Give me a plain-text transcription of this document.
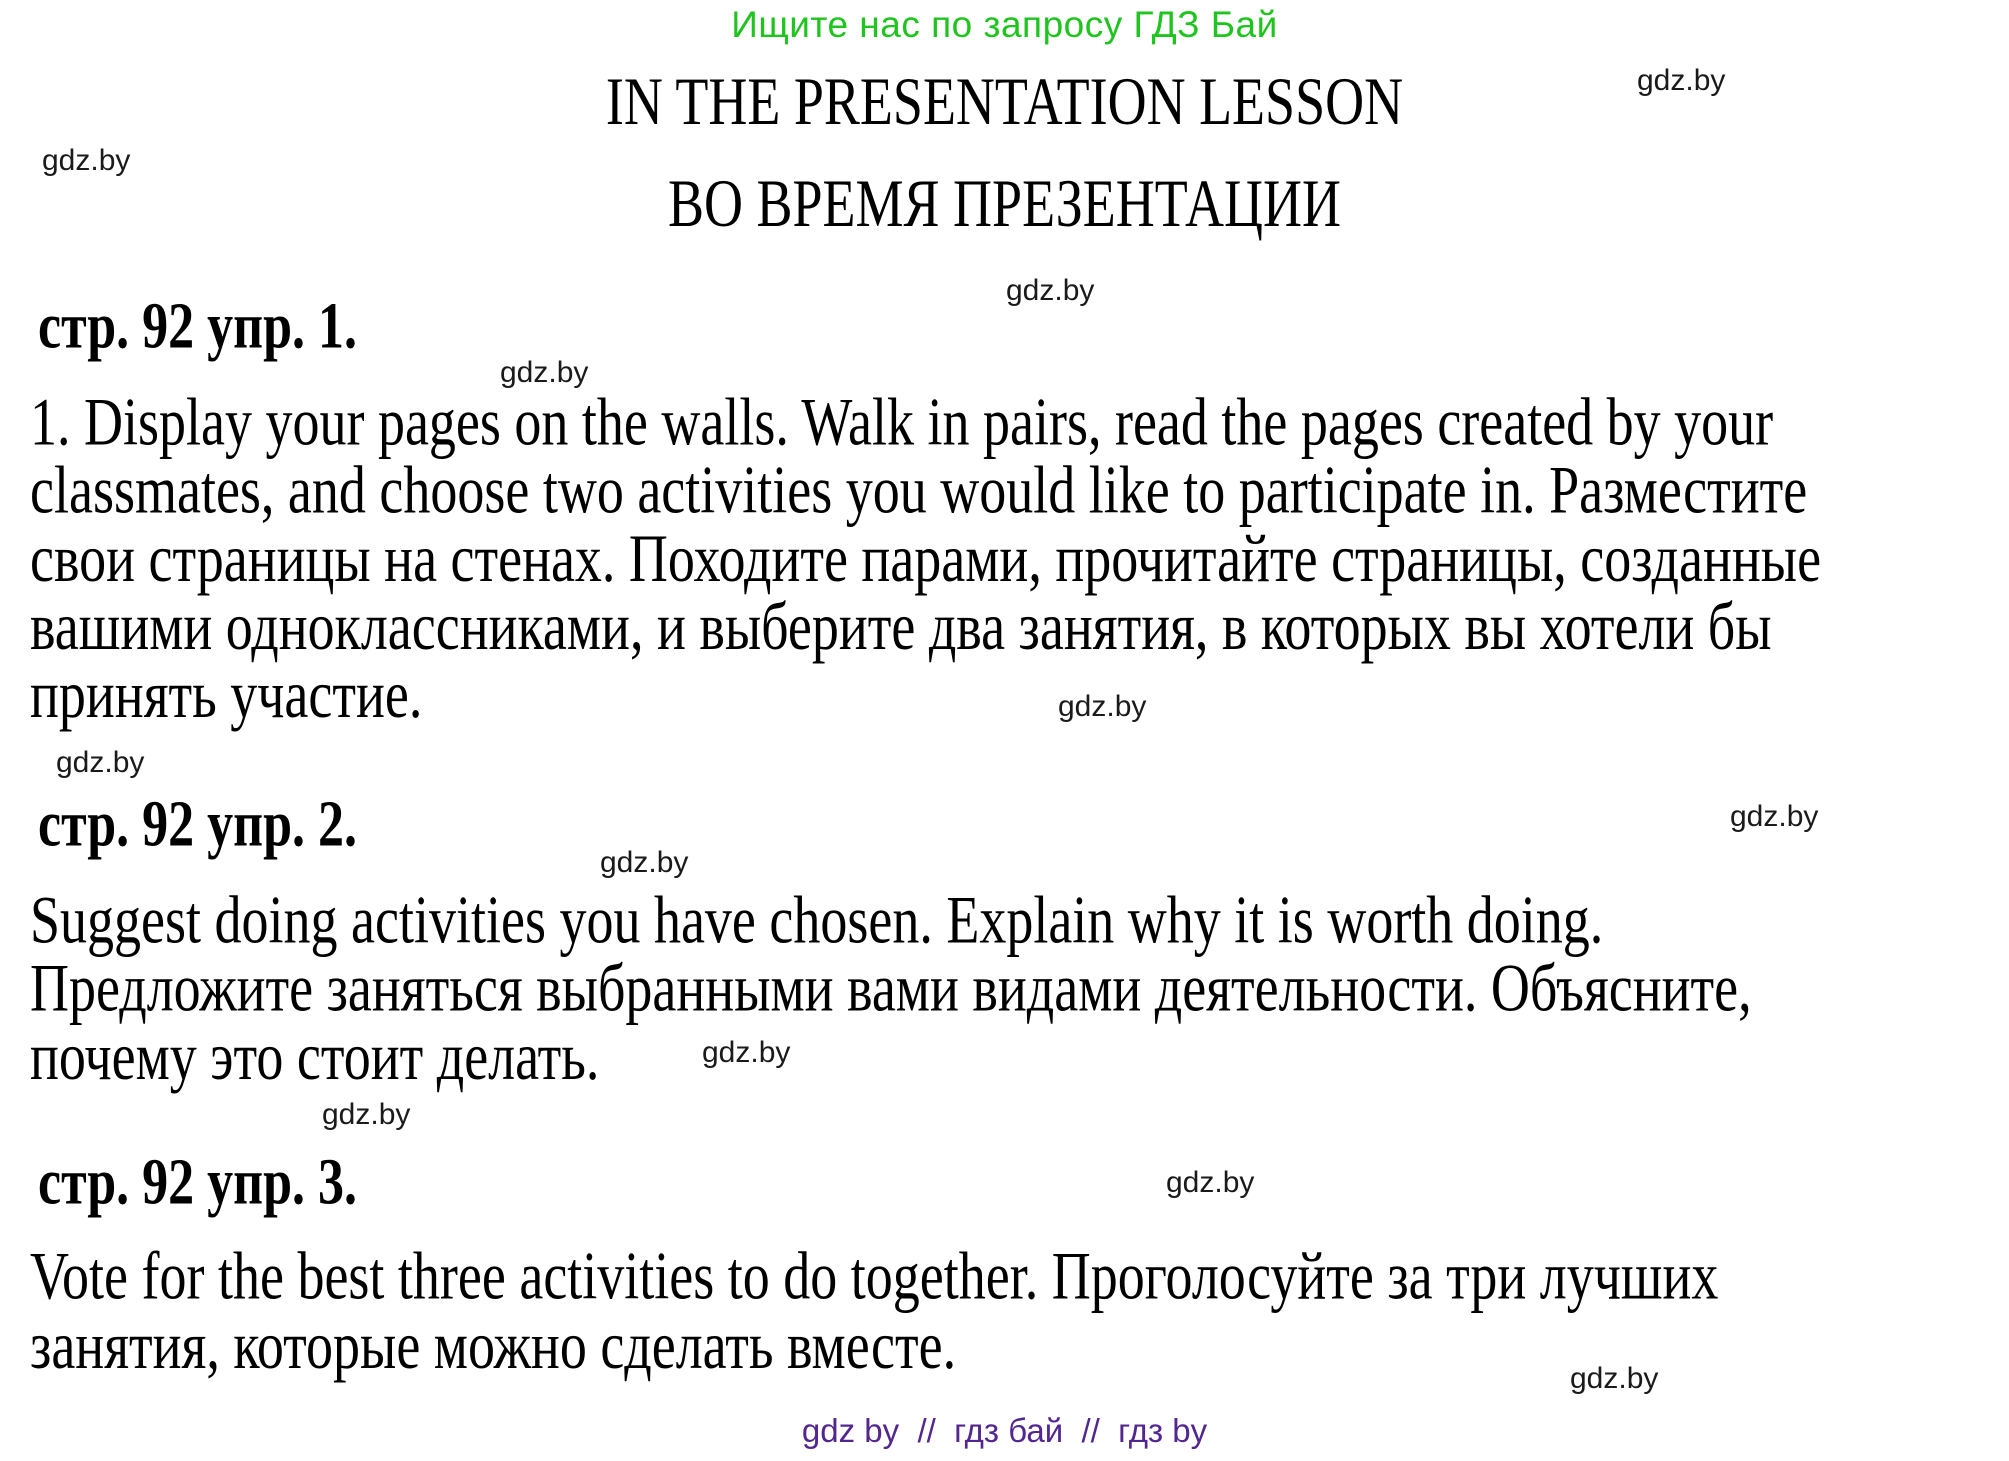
Ищите нас по запросу ГДЗ Бай
gdz.by
gdz.by
gdz.by
gdz.by
gdz.by
gdz.by
gdz.by
gdz.by
gdz.by
gdz.by
gdz.by
gdz.by
IN THE PRESENTATION LESSON
ВО ВРЕМЯ ПРЕЗЕНТАЦИИ
стр. 92 упр. 1.
1. Display your pages on the walls. Walk in pairs, read the pages created by your
classmates, and choose two activities you would like to participate in. Разместите
свои страницы на стенах. Походите парами, прочитайте страницы, созданные
вашими одноклассниками, и выберите два занятия, в которых вы хотели бы
принять участие.
стр. 92 упр. 2.
Suggest doing activities you have chosen. Explain why it is worth doing.
Предложите заняться выбранными вами видами деятельности. Объясните,
почему это стоит делать.
стр. 92 упр. 3.
Vote for the best three activities to do together. Проголосуйте за три лучших
занятия, которые можно сделать вместе.
gdz by  //  гдз бай  //  гдз by
